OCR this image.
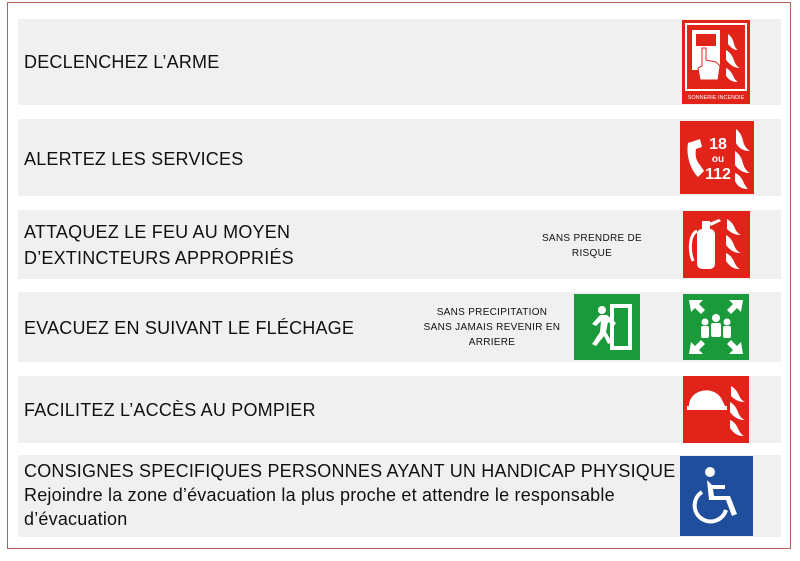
DECLENCHEZ L’ARME
SONNERIE INCENDIE
ALERTEZ LES SERVICES
18
ou
112
ATTAQUEZ LE FEU AU MOYEN
D’EXTINCTEURS APPROPRIÉS
SANS PRENDRE DE
RISQUE
EVACUEZ EN SUIVANT LE FLÉCHAGE
SANS PRECIPITATION
SANS JAMAIS REVENIR EN
ARRIERE
FACILITEZ L’ACCÈS AU POMPIER
CONSIGNES SPECIFIQUES PERSONNES AYANT UN HANDICAP PHYSIQUE
Rejoindre la zone d’évacuation la plus proche et attendre le responsable
d’évacuation
